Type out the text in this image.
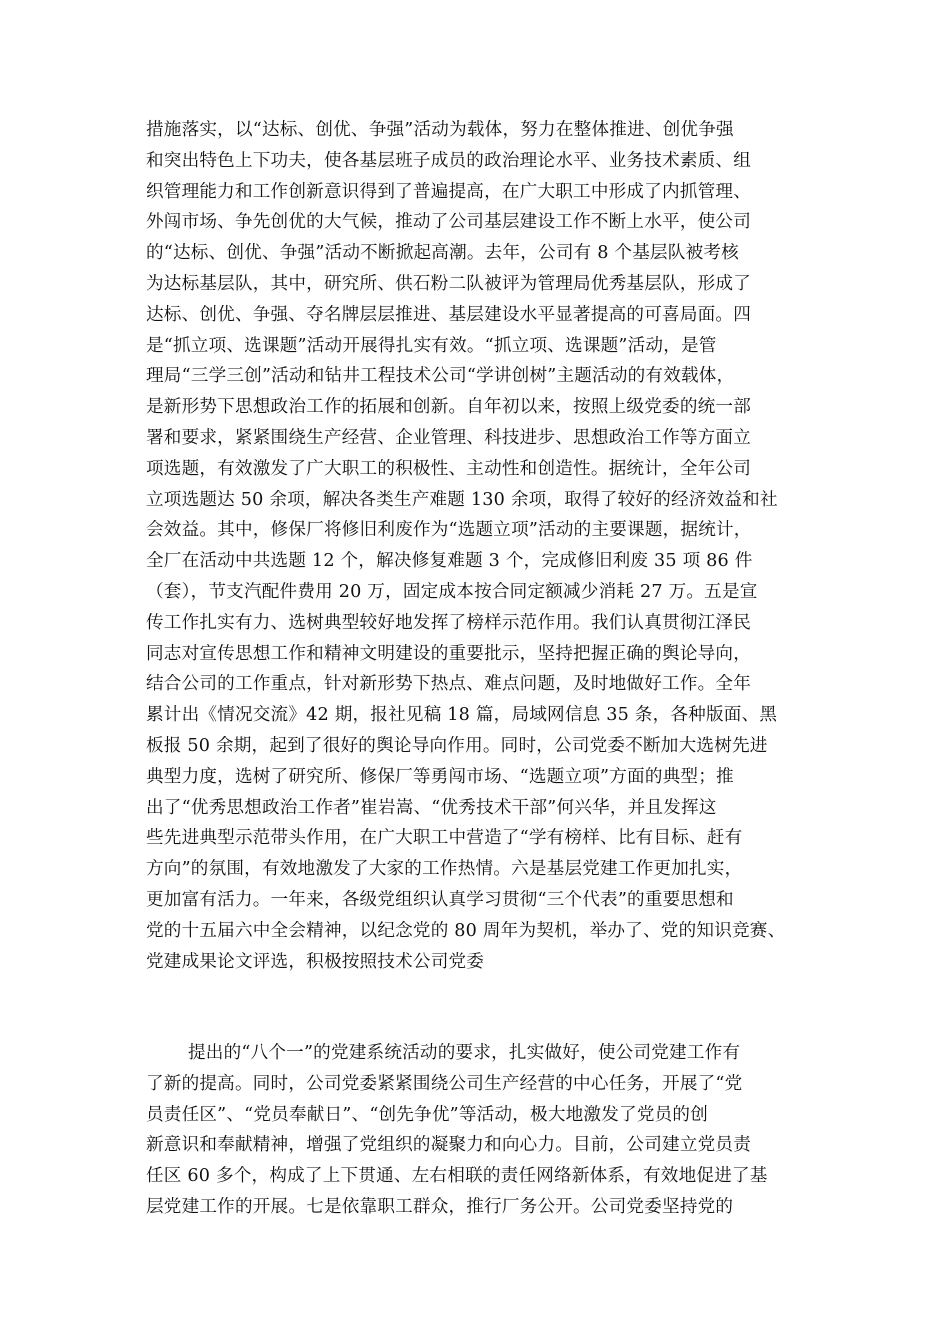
措施落实，以“达标、创优、争强”活动为载体，努力在整体推进、创优争强
和突出特色上下功夫，使各基层班子成员的政治理论水平、业务技术素质、组
织管理能力和工作创新意识得到了普遍提高，在广大职工中形成了内抓管理、
外闯市场、争先创优的大气候，推动了公司基层建设工作不断上水平，使公司
的“达标、创优、争强”活动不断掀起高潮。去年，公司有 8 个基层队被考核
为达标基层队，其中，研究所、供石粉二队被评为管理局优秀基层队，形成了
达标、创优、争强、夺名牌层层推进、基层建设水平显著提高的可喜局面。四
是“抓立项、选课题”活动开展得扎实有效。“抓立项、选课题”活动，是管
理局“三学三创”活动和钻井工程技术公司“学讲创树”主题活动的有效载体，
是新形势下思想政治工作的拓展和创新。自年初以来，按照上级党委的统一部
署和要求，紧紧围绕生产经营、企业管理、科技进步、思想政治工作等方面立
项选题，有效激发了广大职工的积极性、主动性和创造性。据统计，全年公司
立项选题达 50 余项，解决各类生产难题 130 余项，取得了较好的经济效益和社
会效益。其中，修保厂将修旧利废作为“选题立项”活动的主要课题，据统计，
全厂在活动中共选题 12 个，解决修复难题 3 个，完成修旧利废 35 项 86 件
（套），节支汽配件费用 20 万，固定成本按合同定额减少消耗 27 万。五是宣
传工作扎实有力、选树典型较好地发挥了榜样示范作用。我们认真贯彻江泽民
同志对宣传思想工作和精神文明建设的重要批示，坚持把握正确的舆论导向，
结合公司的工作重点，针对新形势下热点、难点问题，及时地做好工作。全年
累计出《情况交流》42 期，报社见稿 18 篇，局域网信息 35 条，各种版面、黑
板报 50 余期，起到了很好的舆论导向作用。同时，公司党委不断加大选树先进
典型力度，选树了研究所、修保厂等勇闯市场、“选题立项”方面的典型；推
出了“优秀思想政治工作者”崔岩嵩、“优秀技术干部”何兴华，并且发挥这
些先进典型示范带头作用，在广大职工中营造了“学有榜样、比有目标、赶有
方向”的氛围，有效地激发了大家的工作热情。六是基层党建工作更加扎实，
更加富有活力。一年来，各级党组织认真学习贯彻“三个代表”的重要思想和
党的十五届六中全会精神，以纪念党的 80 周年为契机，举办了、党的知识竞赛、
党建成果论文评选，积极按照技术公司党委
提出的“八个一”的党建系统活动的要求，扎实做好，使公司党建工作有
了新的提高。同时，公司党委紧紧围绕公司生产经营的中心任务，开展了“党
员责任区”、“党员奉献日”、“创先争优”等活动，极大地激发了党员的创
新意识和奉献精神，增强了党组织的凝聚力和向心力。目前，公司建立党员责
任区 60 多个，构成了上下贯通、左右相联的责任网络新体系，有效地促进了基
层党建工作的开展。七是依靠职工群众，推行厂务公开。公司党委坚持党的
